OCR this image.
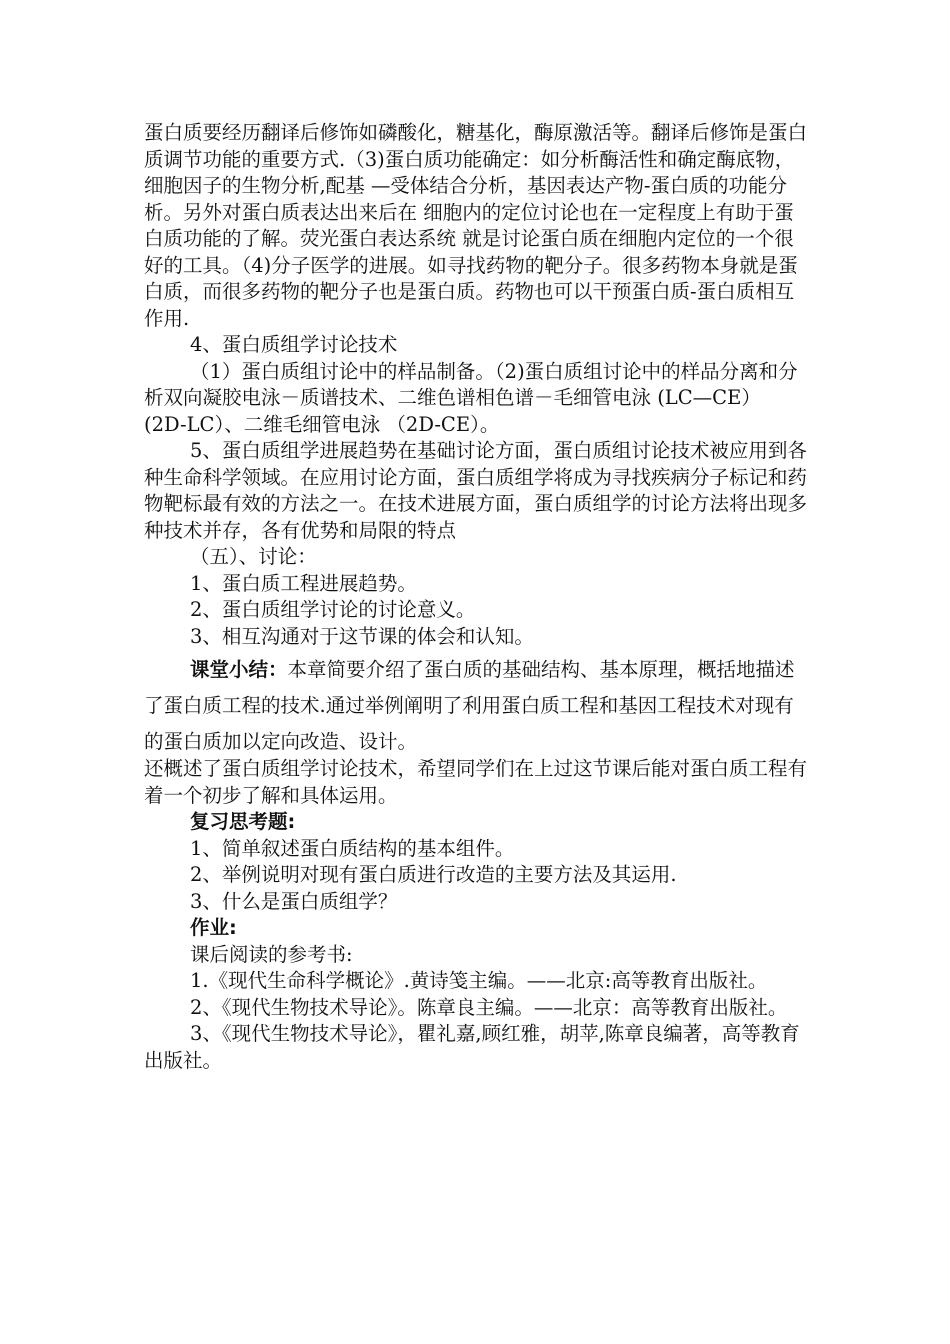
蛋白质要经历翻译后修饰如磷酸化，糖基化，酶原激活等。翻译后修饰是蛋白质调节功能的重要方式.（3)蛋白质功能确定：如分析酶活性和确定酶底物，细胞因子的生物分析,配基 —受体结合分析，基因表达产物-蛋白质的功能分析。另外对蛋白质表达出来后在 细胞内的定位讨论也在一定程度上有助于蛋白质功能的了解。荧光蛋白表达系统 就是讨论蛋白质在细胞内定位的一个很好的工具。（4)分子医学的进展。如寻找药物的靶分子。很多药物本身就是蛋白质，而很多药物的靶分子也是蛋白质。药物也可以干预蛋白质-蛋白质相互作用.

4、蛋白质组学讨论技术

（1）蛋白质组讨论中的样品制备。（2)蛋白质组讨论中的样品分离和分析双向凝胶电泳－质谱技术、二维色谱相色谱－毛细管电泳 (LC—CE） (2D-LC）、二维毛细管电泳 （2D-CE）。

5、蛋白质组学进展趋势在基础讨论方面，蛋白质组讨论技术被应用到各种生命科学领域。在应用讨论方面，蛋白质组学将成为寻找疾病分子标记和药物靶标最有效的方法之一。在技术进展方面，蛋白质组学的讨论方法将出现多种技术并存，各有优势和局限的特点

（五）、讨论：

1、蛋白质工程进展趋势。

2、蛋白质组学讨论的讨论意义。

3、相互沟通对于这节课的体会和认知。

课堂小结：本章简要介绍了蛋白质的基础结构、基本原理，概括地描述了蛋白质工程的技术.通过举例阐明了利用蛋白质工程和基因工程技术对现有的蛋白质加以定向改造、设计。

还概述了蛋白质组学讨论技术，希望同学们在上过这节课后能对蛋白质工程有着一个初步了解和具体运用。

复习思考题:

1、简单叙述蛋白质结构的基本组件。

2、举例说明对现有蛋白质进行改造的主要方法及其运用.

3、什么是蛋白质组学？

作业:

课后阅读的参考书:

1.《现代生命科学概论》.黄诗笺主编。——北京:高等教育出版社。

2、《现代生物技术导论》。陈章良主编。——北京：高等教育出版社。

3、《现代生物技术导论》，瞿礼嘉,顾红雅，胡苹,陈章良编著，高等教育出版社。
